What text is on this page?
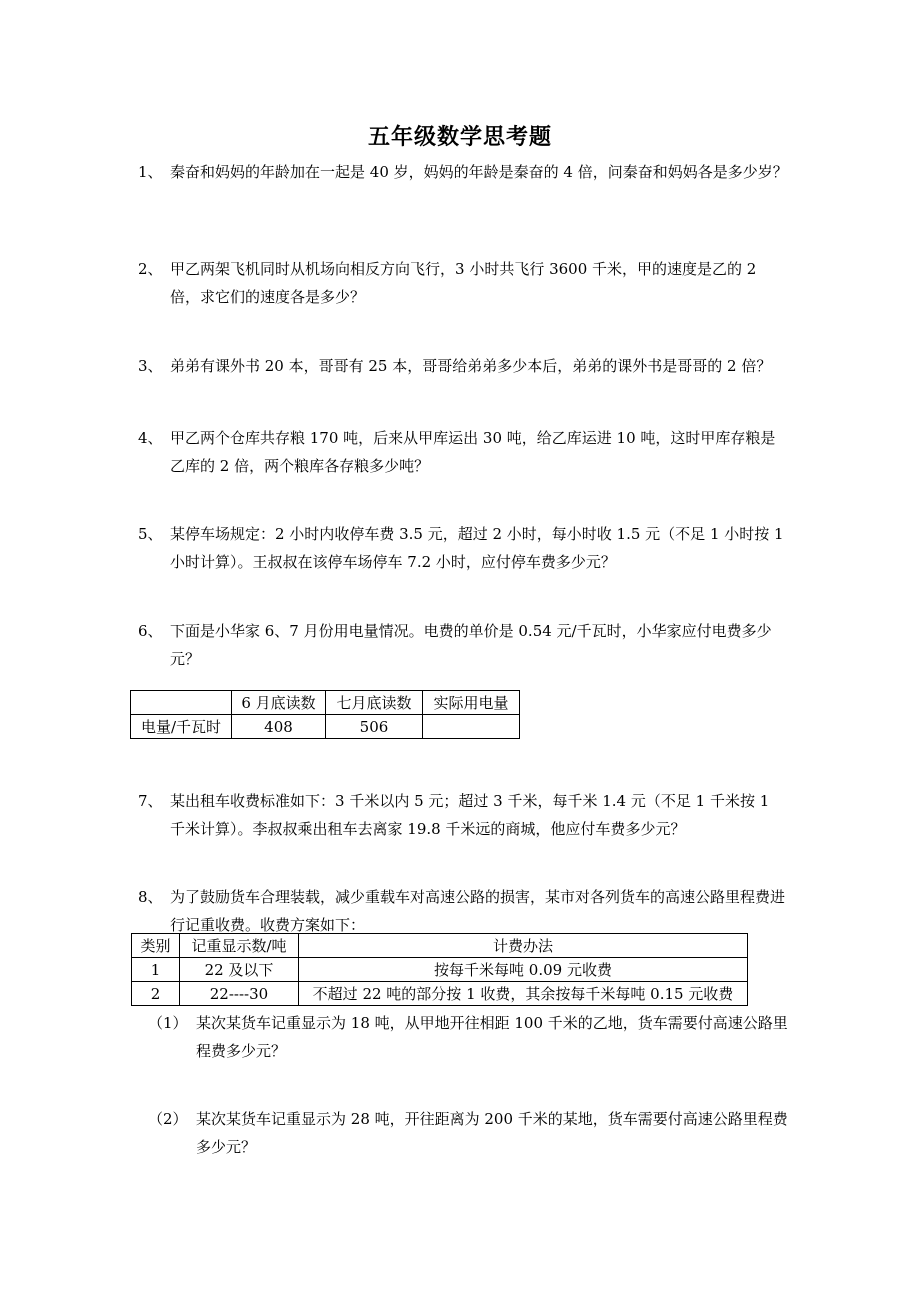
五年级数学思考题
1、 秦奋和妈妈的年龄加在一起是 40 岁，妈妈的年龄是秦奋的 4 倍，问秦奋和妈妈各是多少岁？
2、 甲乙两架飞机同时从机场向相反方向飞行，3 小时共飞行 3600 千米，甲的速度是乙的 2 倍，求它们的速度各是多少？
3、 弟弟有课外书 20 本，哥哥有 25 本，哥哥给弟弟多少本后，弟弟的课外书是哥哥的 2 倍？
4、 甲乙两个仓库共存粮 170 吨，后来从甲库运出 30 吨，给乙库运进 10 吨，这时甲库存粮是乙库的 2 倍，两个粮库各存粮多少吨？
5、 某停车场规定：2 小时内收停车费 3.5 元，超过 2 小时，每小时收 1.5 元（不足 1 小时按 1 小时计算）。王叔叔在该停车场停车 7.2 小时，应付停车费多少元？
6、 下面是小华家 6、7 月份用电量情况。电费的单价是 0.54 元/千瓦时，小华家应付电费多少元？
	6 月底读数	七月底读数	实际用电量
电量/千瓦时	408	506	
7、 某出租车收费标准如下：3 千米以内 5 元；超过 3 千米，每千米 1.4 元（不足 1 千米按 1 千米计算）。李叔叔乘出租车去离家 19.8 千米远的商城，他应付车费多少元？
8、 为了鼓励货车合理装载，减少重载车对高速公路的损害，某市对各列货车的高速公路里程费进行记重收费。收费方案如下：
类别	记重显示数/吨	计费办法
1	22 及以下	按每千米每吨 0.09 元收费
2	22----30	不超过 22 吨的部分按 1 收费，其余按每千米每吨 0.15 元收费
（1） 某次某货车记重显示为 18 吨，从甲地开往相距 100 千米的乙地，货车需要付高速公路里程费多少元？
（2） 某次某货车记重显示为 28 吨，开往距离为 200 千米的某地，货车需要付高速公路里程费多少元？
